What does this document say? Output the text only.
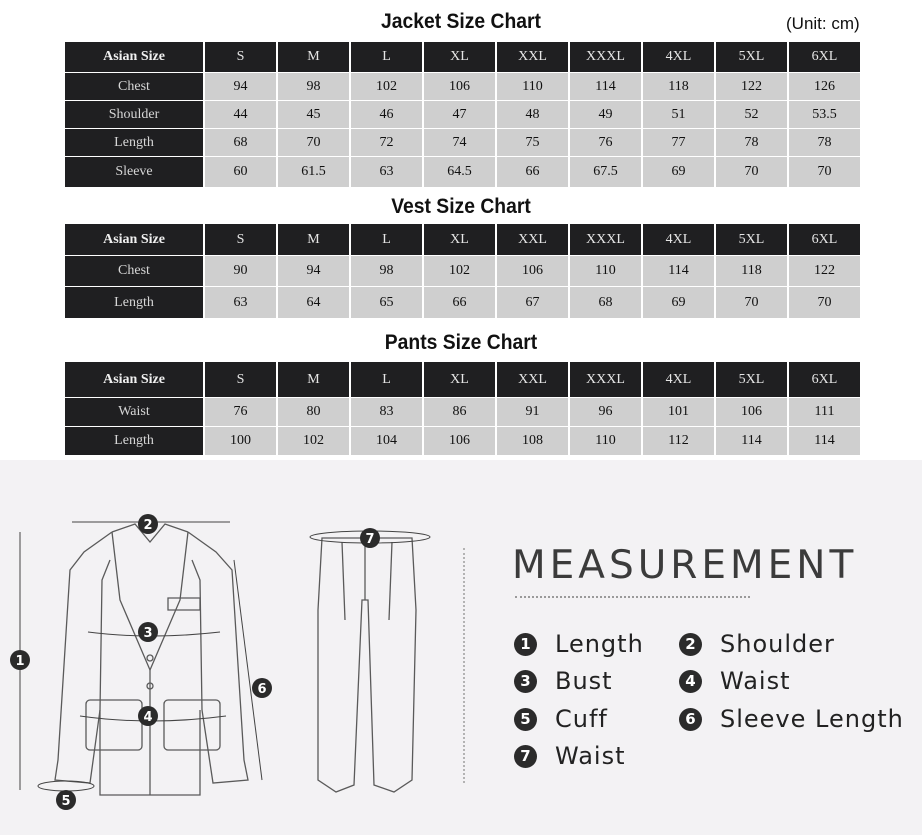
Jacket Size Chart	(Unit: cm)
Asian Size	S	M	L	XL	XXL	XXXL	4XL	5XL	6XL
Chest	94	98	102	106	110	114	118	122	126
Shoulder	44	45	46	47	48	49	51	52	53.5
Length	68	70	72	74	75	76	77	78	78
Sleeve	60	61.5	63	64.5	66	67.5	69	70	70
Vest Size Chart
Asian Size	S	M	L	XL	XXL	XXXL	4XL	5XL	6XL
Chest	90	94	98	102	106	110	114	118	122
Length	63	64	65	66	67	68	69	70	70
Pants Size Chart
Asian Size	S	M	L	XL	XXL	XXXL	4XL	5XL	6XL
Waist	76	80	83	86	91	96	101	106	111
Length	100	102	104	106	108	110	112	114	114
2
1
3
4
5
6
7
MEASUREMENT
1 Length	2 Shoulder
3 Bust	4 Waist
5 Cuff	6 Sleeve Length
7 Waist
